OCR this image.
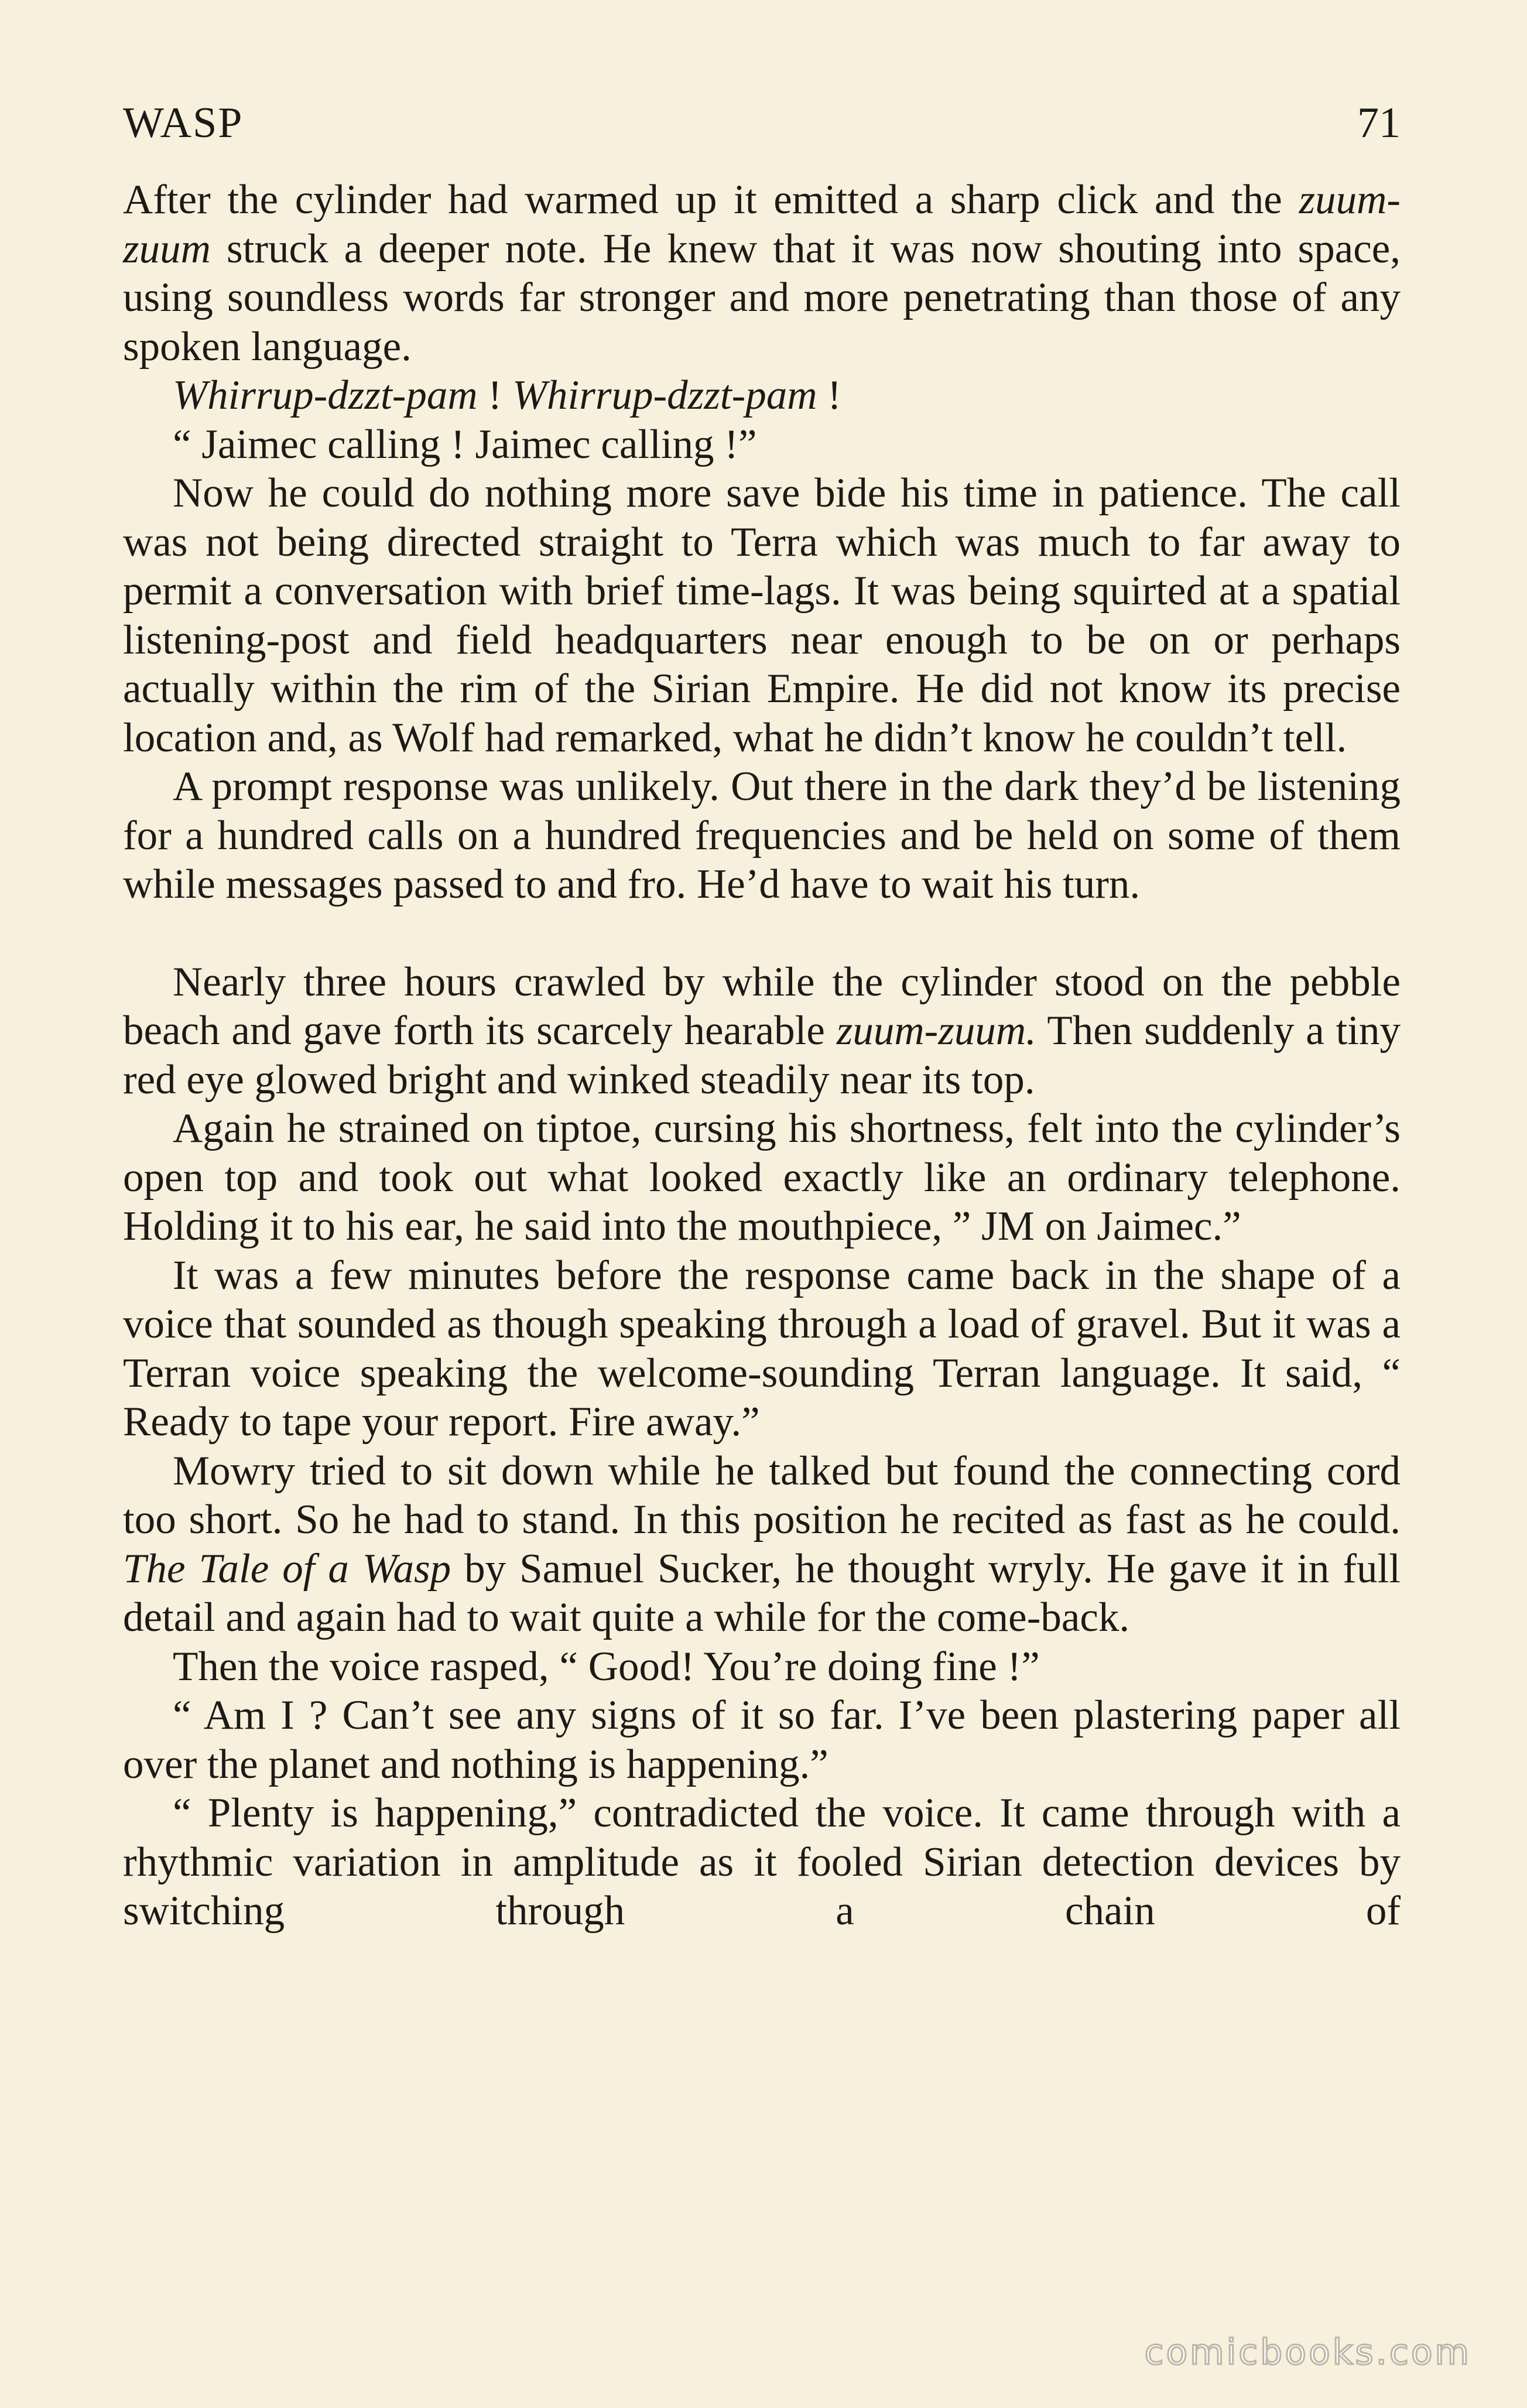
WASP	71

After the cylinder had warmed up it emitted a sharp click and the zuum-zuum struck a deeper note. He knew that it was now shouting into space, using soundless words far stronger and more penetrating than those of any spoken language.

Whirrup-dzzt-pam ! Whirrup-dzzt-pam !

“ Jaimec calling ! Jaimec calling !”

Now he could do nothing more save bide his time in patience. The call was not being directed straight to Terra which was much to far away to permit a conversation with brief time-lags. It was being squirted at a spatial listening-post and field headquarters near enough to be on or perhaps actually within the rim of the Sirian Empire. He did not know its precise location and, as Wolf had remarked, what he didn’t know he couldn’t tell.

A prompt response was unlikely. Out there in the dark they’d be listening for a hundred calls on a hundred frequencies and be held on some of them while messages passed to and fro. He’d have to wait his turn.

Nearly three hours crawled by while the cylinder stood on the pebble beach and gave forth its scarcely hearable zuum-zuum. Then suddenly a tiny red eye glowed bright and winked steadily near its top.

Again he strained on tiptoe, cursing his shortness, felt into the cylinder’s open top and took out what looked exactly like an ordinary telephone. Holding it to his ear, he said into the mouthpiece, ” JM on Jaimec.”

It was a few minutes before the response came back in the shape of a voice that sounded as though speaking through a load of gravel. But it was a Terran voice speaking the welcome-sounding Terran language. It said, “ Ready to tape your report. Fire away.”

Mowry tried to sit down while he talked but found the connecting cord too short. So he had to stand. In this position he recited as fast as he could. The Tale of a Wasp by Samuel Sucker, he thought wryly. He gave it in full detail and again had to wait quite a while for the come-back.

Then the voice rasped, “ Good! You’re doing fine !”

“ Am I ? Can’t see any signs of it so far. I’ve been plastering paper all over the planet and nothing is happening.”

“ Plenty is happening,” contradicted the voice. It came through with a rhythmic variation in amplitude as it fooled Sirian detection devices by switching through a chain of

comicbooks.com
